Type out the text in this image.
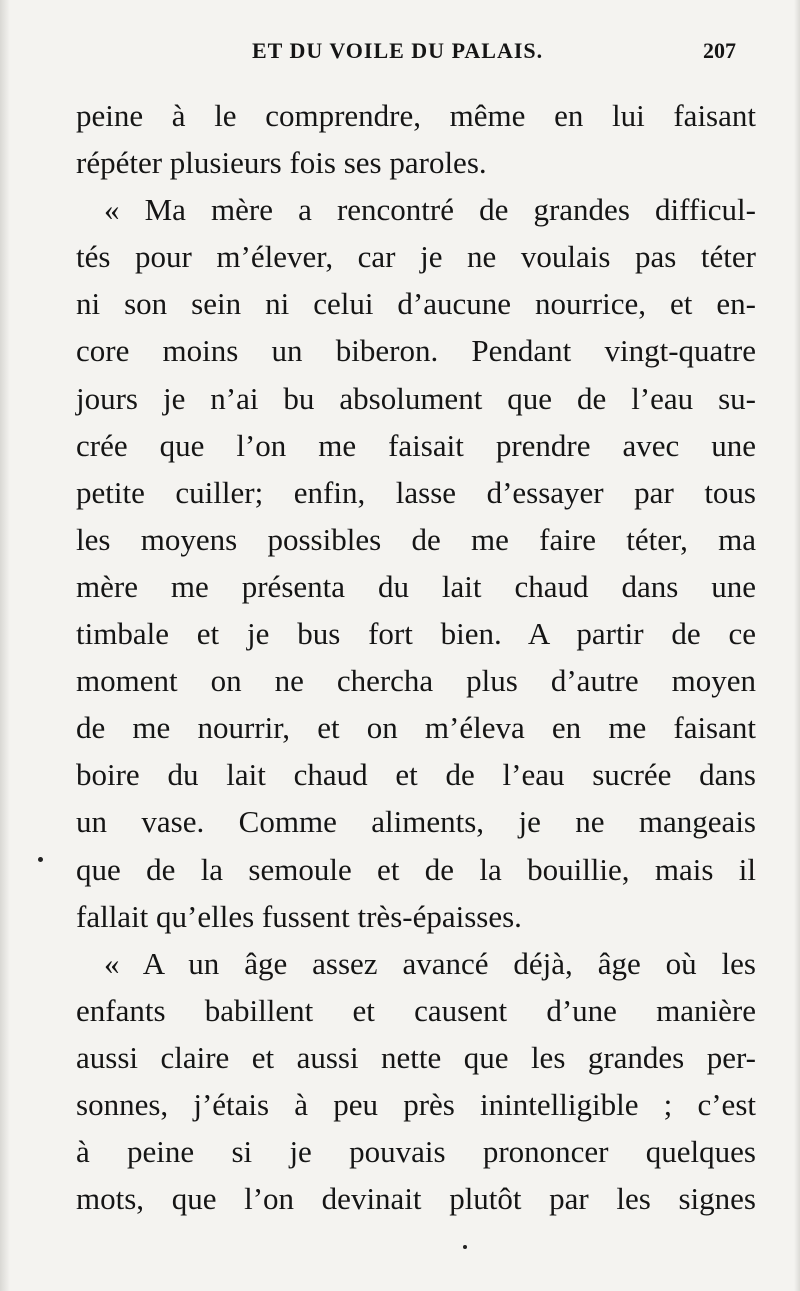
ET DU VOILE DU PALAIS.	207
peine à le comprendre, même en lui faisant
répéter plusieurs fois ses paroles.
« Ma mère a rencontré de grandes difficul-
tés pour m’élever, car je ne voulais pas téter
ni son sein ni celui d’aucune nourrice, et en-
core moins un biberon. Pendant vingt-quatre
jours je n’ai bu absolument que de l’eau su-
crée que l’on me faisait prendre avec une
petite cuiller; enfin, lasse d’essayer par tous
les moyens possibles de me faire téter, ma
mère me présenta du lait chaud dans une
timbale et je bus fort bien. A partir de ce
moment on ne chercha plus d’autre moyen
de me nourrir, et on m’éleva en me faisant
boire du lait chaud et de l’eau sucrée dans
un vase. Comme aliments, je ne mangeais
que de la semoule et de la bouillie, mais il
fallait qu’elles fussent très-épaisses.
« A un âge assez avancé déjà, âge où les
enfants babillent et causent d’une manière
aussi claire et aussi nette que les grandes per-
sonnes, j’étais à peu près inintelligible ; c’est
à peine si je pouvais prononcer quelques
mots, que l’on devinait plutôt par les signes
